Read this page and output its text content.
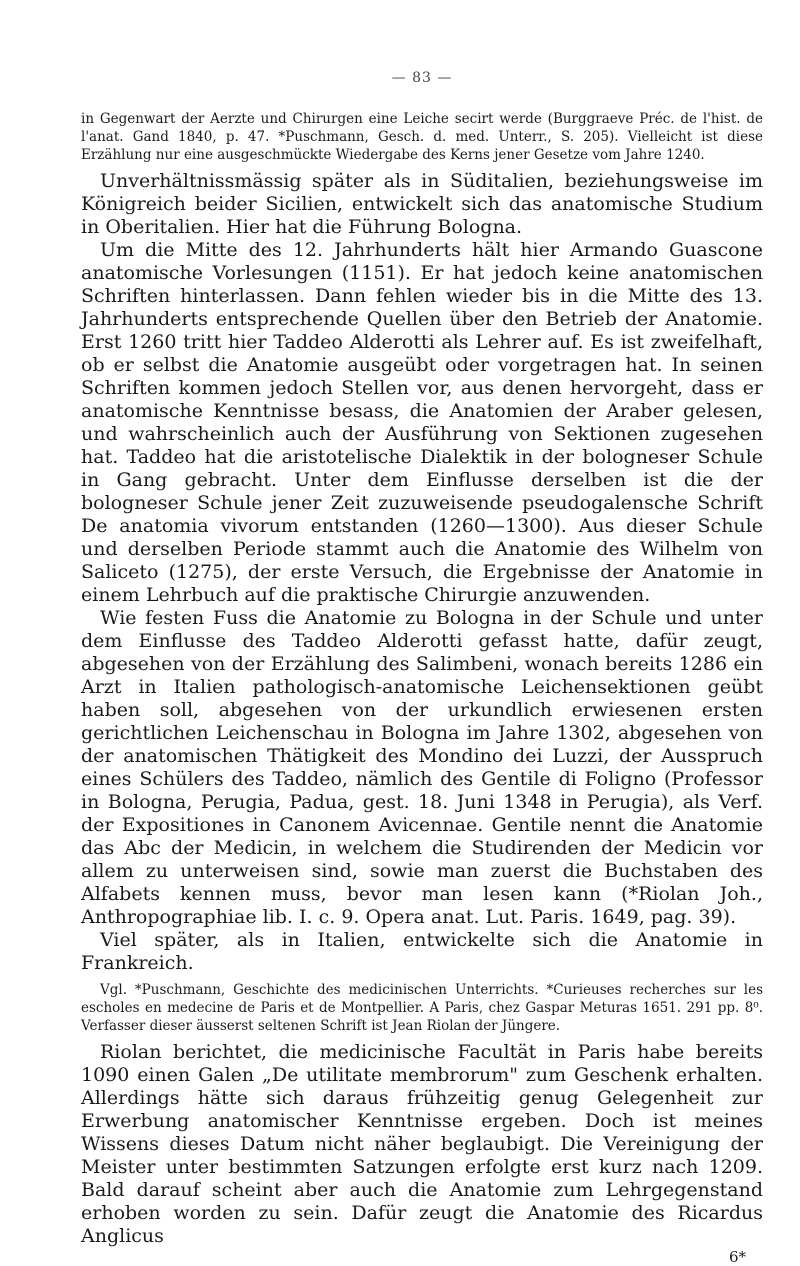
— 83 —

in Gegenwart der Aerzte und Chirurgen eine Leiche secirt werde (Burggraeve Préc. de l'hist. de l'anat. Gand 1840, p. 47. *Puschmann, Gesch. d. med. Unterr., S. 205). Vielleicht ist diese Erzählung nur eine ausgeschmückte Wiedergabe des Kerns jener Gesetze vom Jahre 1240.

Unverhältnissmässig später als in Süditalien, beziehungsweise im Königreich beider Sicilien, entwickelt sich das anatomische Studium in Oberitalien. Hier hat die Führung Bologna.

Um die Mitte des 12. Jahrhunderts hält hier Armando Guascone anatomische Vorlesungen (1151). Er hat jedoch keine anatomischen Schriften hinterlassen. Dann fehlen wieder bis in die Mitte des 13. Jahrhunderts entsprechende Quellen über den Betrieb der Anatomie. Erst 1260 tritt hier Taddeo Alderotti als Lehrer auf. Es ist zweifelhaft, ob er selbst die Anatomie ausgeübt oder vorgetragen hat. In seinen Schriften kommen jedoch Stellen vor, aus denen hervorgeht, dass er anatomische Kenntnisse besass, die Anatomien der Araber gelesen, und wahrscheinlich auch der Ausführung von Sektionen zugesehen hat. Taddeo hat die aristotelische Dialektik in der bologneser Schule in Gang gebracht. Unter dem Einflusse derselben ist die der bologneser Schule jener Zeit zuzuweisende pseudogalensche Schrift De anatomia vivorum entstanden (1260—1300). Aus dieser Schule und derselben Periode stammt auch die Anatomie des Wilhelm von Saliceto (1275), der erste Versuch, die Ergebnisse der Anatomie in einem Lehrbuch auf die praktische Chirurgie anzuwenden.

Wie festen Fuss die Anatomie zu Bologna in der Schule und unter dem Einflusse des Taddeo Alderotti gefasst hatte, dafür zeugt, abgesehen von der Erzählung des Salimbeni, wonach bereits 1286 ein Arzt in Italien pathologisch-anatomische Leichensektionen geübt haben soll, abgesehen von der urkundlich erwiesenen ersten gerichtlichen Leichenschau in Bologna im Jahre 1302, abgesehen von der anatomischen Thätigkeit des Mondino dei Luzzi, der Ausspruch eines Schülers des Taddeo, nämlich des Gentile di Foligno (Professor in Bologna, Perugia, Padua, gest. 18. Juni 1348 in Perugia), als Verf. der Expositiones in Canonem Avicennae. Gentile nennt die Anatomie das Abc der Medicin, in welchem die Studirenden der Medicin vor allem zu unterweisen sind, sowie man zuerst die Buchstaben des Alfabets kennen muss, bevor man lesen kann (*Riolan Joh., Anthropographiae lib. I. c. 9. Opera anat. Lut. Paris. 1649, pag. 39).

Viel später, als in Italien, entwickelte sich die Anatomie in Frankreich.

Vgl. *Puschmann, Geschichte des medicinischen Unterrichts. *Curieuses recherches sur les escholes en medecine de Paris et de Montpellier. A Paris, chez Gaspar Meturas 1651. 291 pp. 8⁰. Verfasser dieser äusserst seltenen Schrift ist Jean Riolan der Jüngere.

Riolan berichtet, die medicinische Facultät in Paris habe bereits 1090 einen Galen „De utilitate membrorum" zum Geschenk erhalten. Allerdings hätte sich daraus frühzeitig genug Gelegenheit zur Erwerbung anatomischer Kenntnisse ergeben. Doch ist meines Wissens dieses Datum nicht näher beglaubigt. Die Vereinigung der Meister unter bestimmten Satzungen erfolgte erst kurz nach 1209. Bald darauf scheint aber auch die Anatomie zum Lehrgegenstand erhoben worden zu sein. Dafür zeugt die Anatomie des Ricardus Anglicus

6*
